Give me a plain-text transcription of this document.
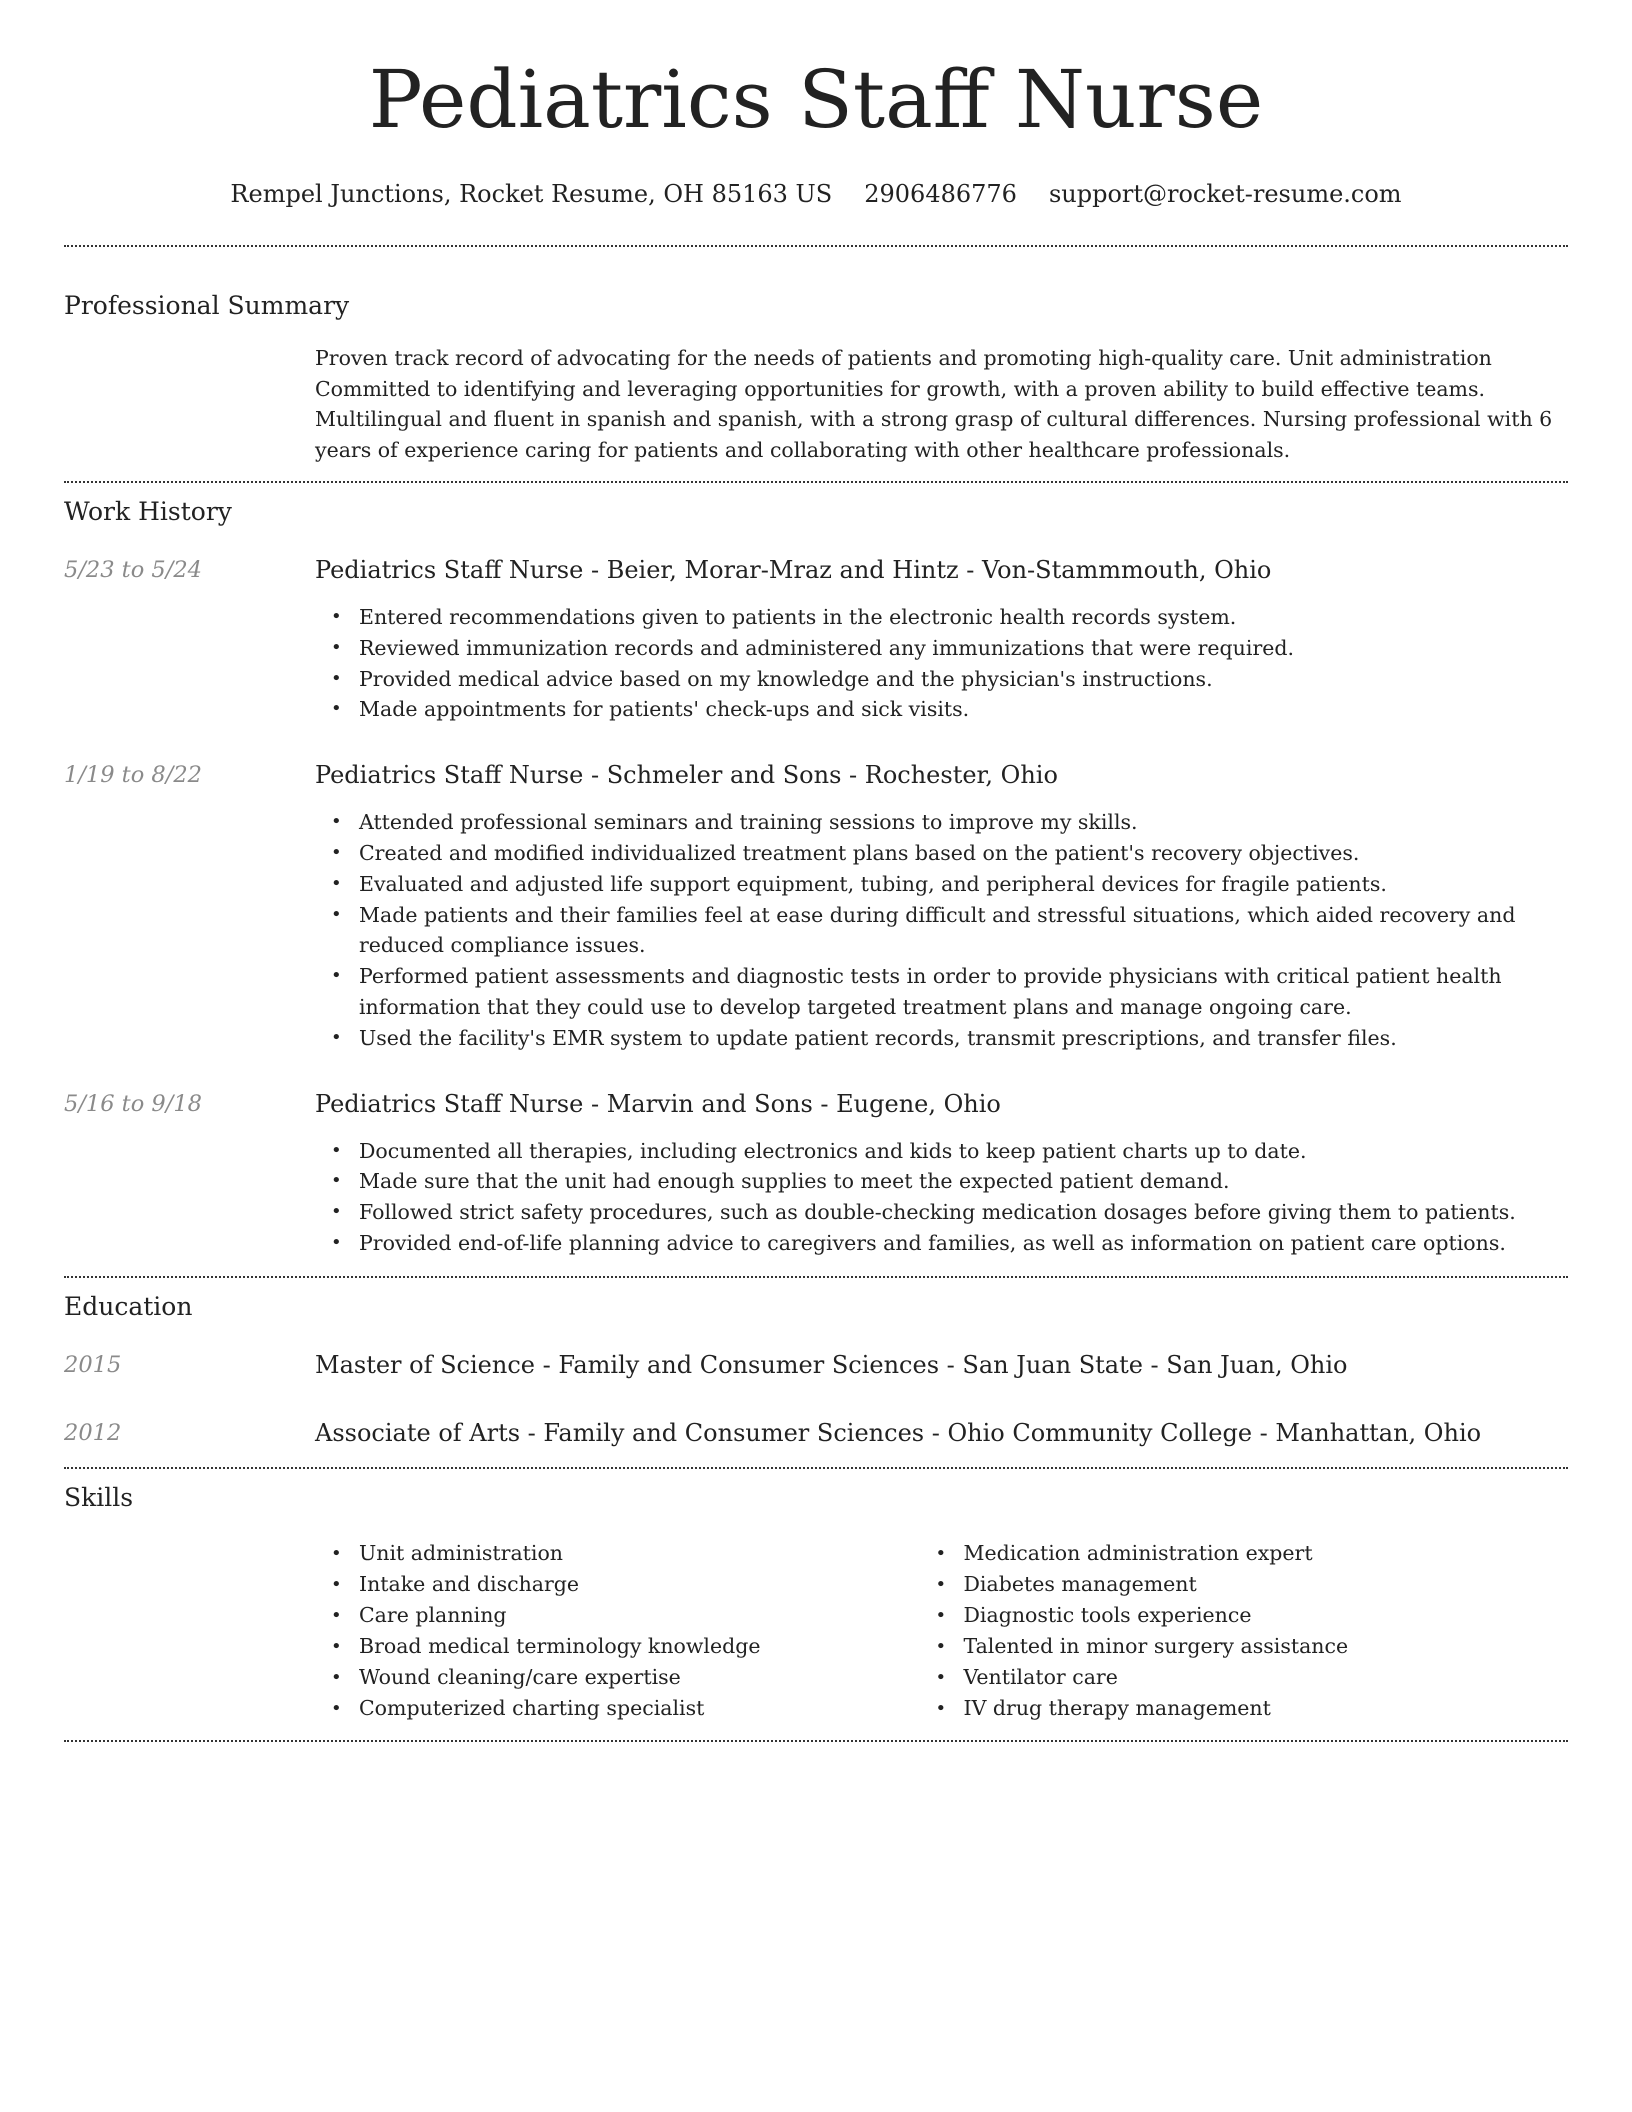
Pediatrics Staff Nurse
Rempel Junctions, Rocket Resume, OH 85163 US 2906486776 support@rocket-resume.com
Professional Summary
Proven track record of advocating for the needs of patients and promoting high-quality care. Unit administration Committed to identifying and leveraging opportunities for growth, with a proven ability to build effective teams. Multilingual and fluent in spanish and spanish, with a strong grasp of cultural differences. Nursing professional with 6 years of experience caring for patients and collaborating with other healthcare professionals.
Work History
5/23 to 5/24	Pediatrics Staff Nurse - Beier, Morar-Mraz and Hintz - Von-Stammmouth, Ohio
• Entered recommendations given to patients in the electronic health records system.
• Reviewed immunization records and administered any immunizations that were required.
• Provided medical advice based on my knowledge and the physician's instructions.
• Made appointments for patients' check-ups and sick visits.
1/19 to 8/22	Pediatrics Staff Nurse - Schmeler and Sons - Rochester, Ohio
• Attended professional seminars and training sessions to improve my skills.
• Created and modified individualized treatment plans based on the patient's recovery objectives.
• Evaluated and adjusted life support equipment, tubing, and peripheral devices for fragile patients.
• Made patients and their families feel at ease during difficult and stressful situations, which aided recovery and reduced compliance issues.
• Performed patient assessments and diagnostic tests in order to provide physicians with critical patient health information that they could use to develop targeted treatment plans and manage ongoing care.
• Used the facility's EMR system to update patient records, transmit prescriptions, and transfer files.
5/16 to 9/18	Pediatrics Staff Nurse - Marvin and Sons - Eugene, Ohio
• Documented all therapies, including electronics and kids to keep patient charts up to date.
• Made sure that the unit had enough supplies to meet the expected patient demand.
• Followed strict safety procedures, such as double-checking medication dosages before giving them to patients.
• Provided end-of-life planning advice to caregivers and families, as well as information on patient care options.
Education
2015	Master of Science - Family and Consumer Sciences - San Juan State - San Juan, Ohio
2012	Associate of Arts - Family and Consumer Sciences - Ohio Community College - Manhattan, Ohio
Skills
• Unit administration
• Intake and discharge
• Care planning
• Broad medical terminology knowledge
• Wound cleaning/care expertise
• Computerized charting specialist
• Medication administration expert
• Diabetes management
• Diagnostic tools experience
• Talented in minor surgery assistance
• Ventilator care
• IV drug therapy management
